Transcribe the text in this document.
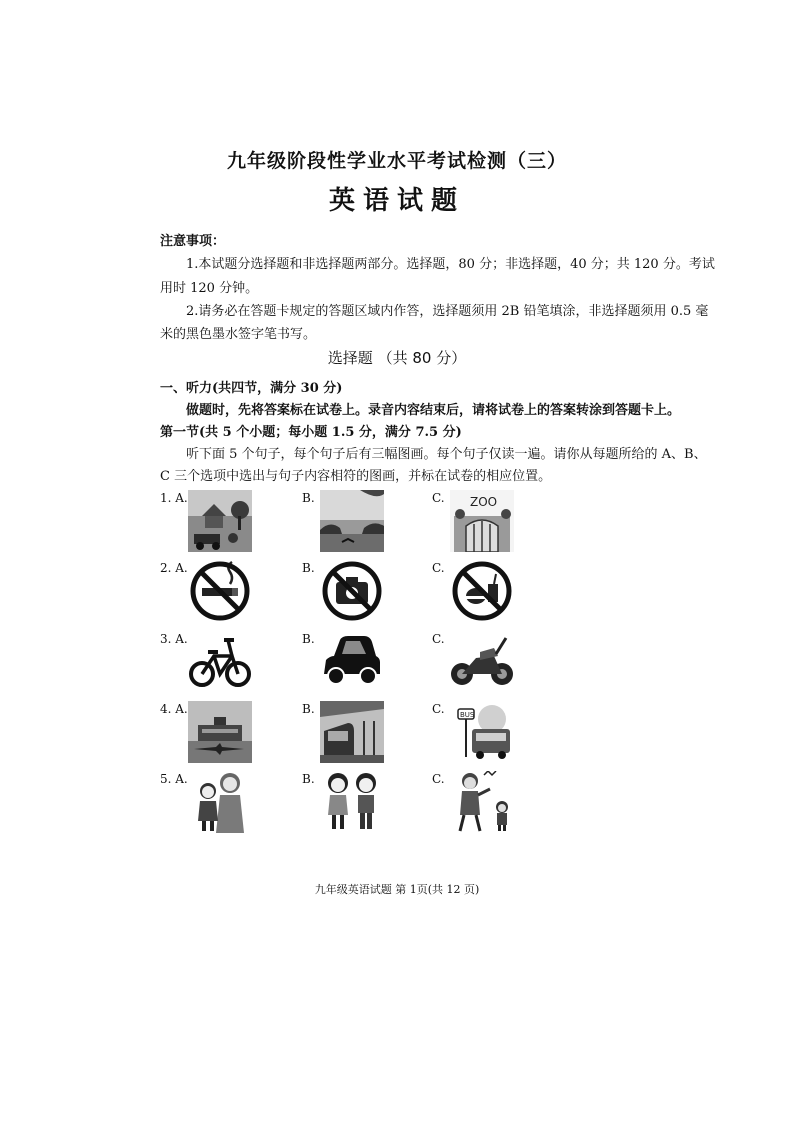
九年级阶段性学业水平考试检测（三）
英语试题
注意事项：
1.本试题分选择题和非选择题两部分。选择题，80 分；非选择题，40 分；共 120 分。考试
用时 120 分钟。
2.请务必在答题卡规定的答题区域内作答，选择题须用 2B 铅笔填涂，非选择题须用 0.5 毫
米的黑色墨水签字笔书写。
选择题 （共 80 分）
一、听力(共四节，满分 30 分)
做题时，先将答案标在试卷上。录音内容结束后，请将试卷上的答案转涂到答题卡上。
第一节(共 5 个小题；每小题 1.5 分，满分 7.5 分)
听下面 5 个句子，每个句子后有三幅图画。每个句子仅读一遍。请你从每题所给的 A、B、
C 三个选项中选出与句子内容相符的图画，并标在试卷的相应位置。
1. A.	B.	C. ZOO
2. A.	B.	C.
3. A.	B.	C.
4. A.	B.	C. BUS
5. A.	B.	C.
九年级英语试题 第 1页(共 12 页)
